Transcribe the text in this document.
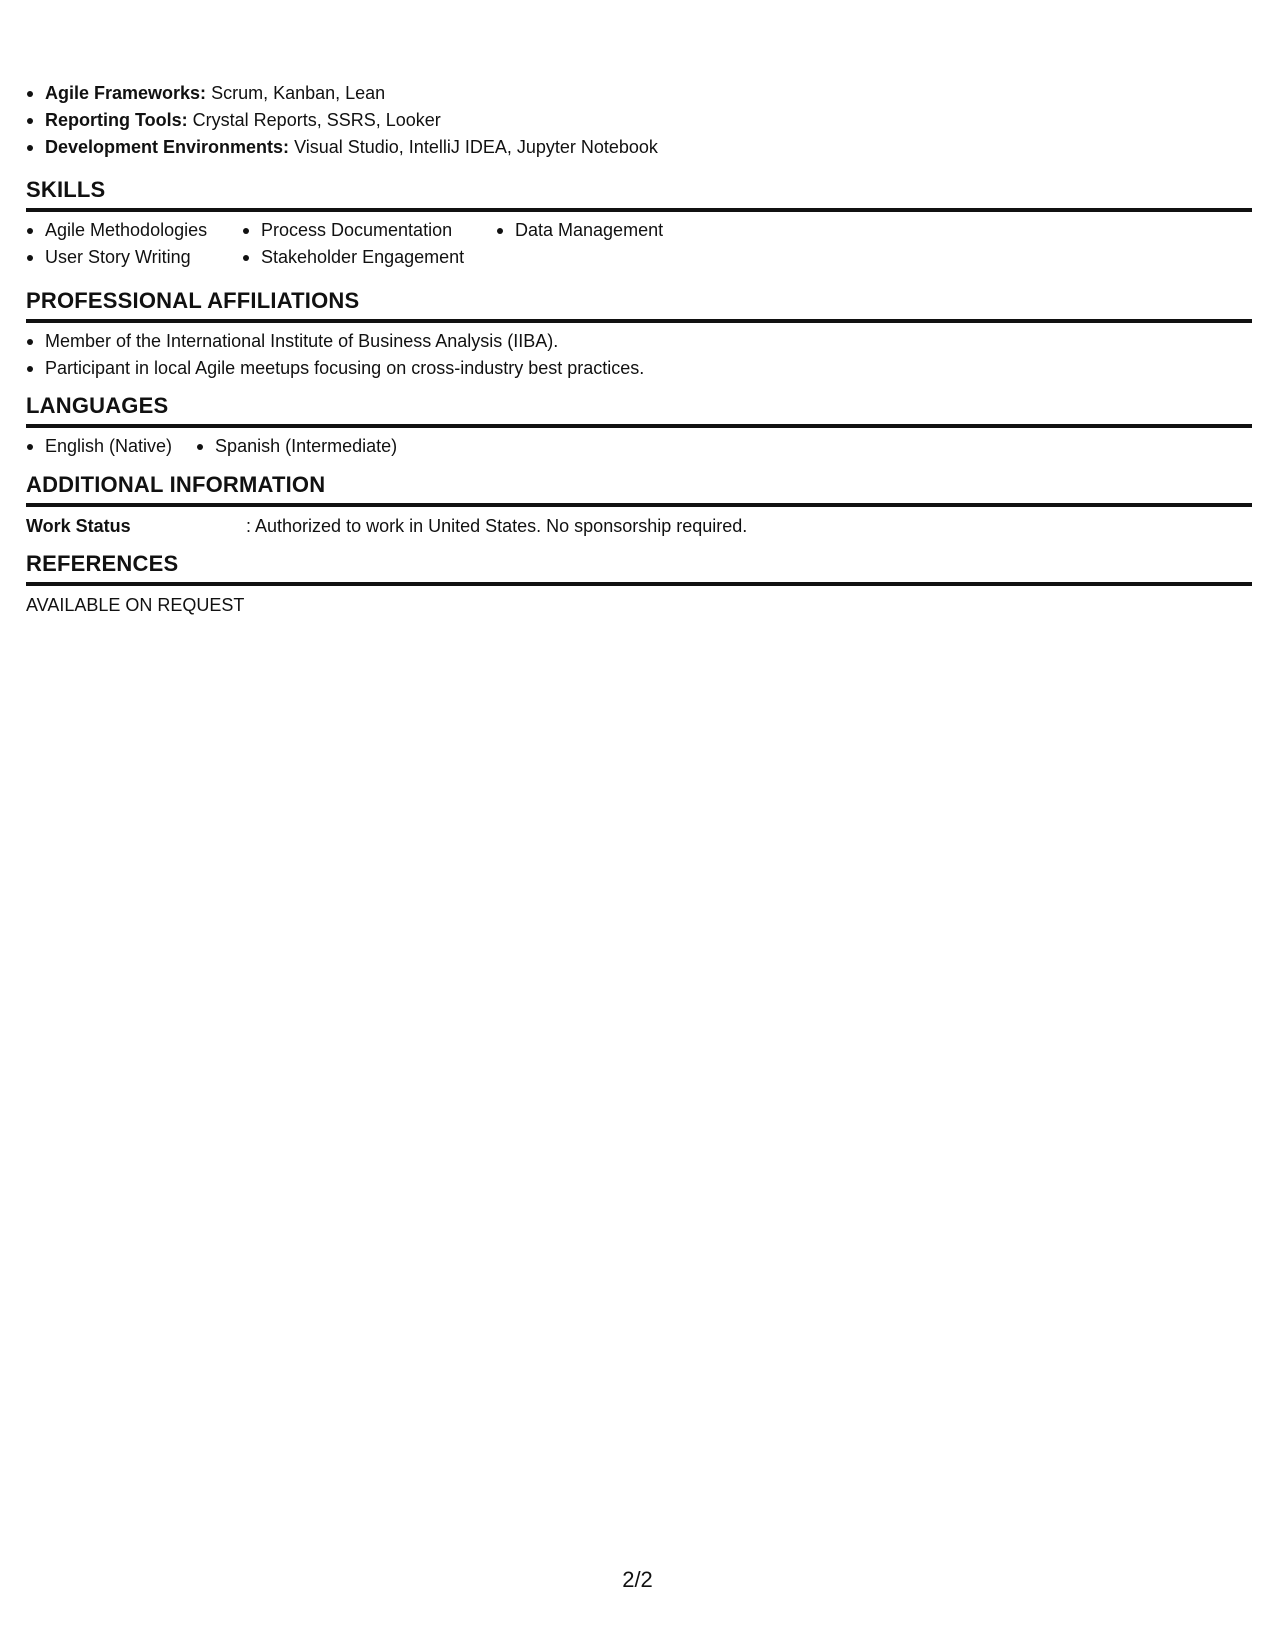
Agile Frameworks: Scrum, Kanban, Lean
Reporting Tools: Crystal Reports, SSRS, Looker
Development Environments: Visual Studio, IntelliJ IDEA, Jupyter Notebook
SKILLS
Agile Methodologies
User Story Writing
Process Documentation
Stakeholder Engagement
Data Management
PROFESSIONAL AFFILIATIONS
Member of the International Institute of Business Analysis (IIBA).
Participant in local Agile meetups focusing on cross-industry best practices.
LANGUAGES
English (Native)	Spanish (Intermediate)
ADDITIONAL INFORMATION
Work Status	: Authorized to work in United States. No sponsorship required.
REFERENCES
AVAILABLE ON REQUEST
2/2
